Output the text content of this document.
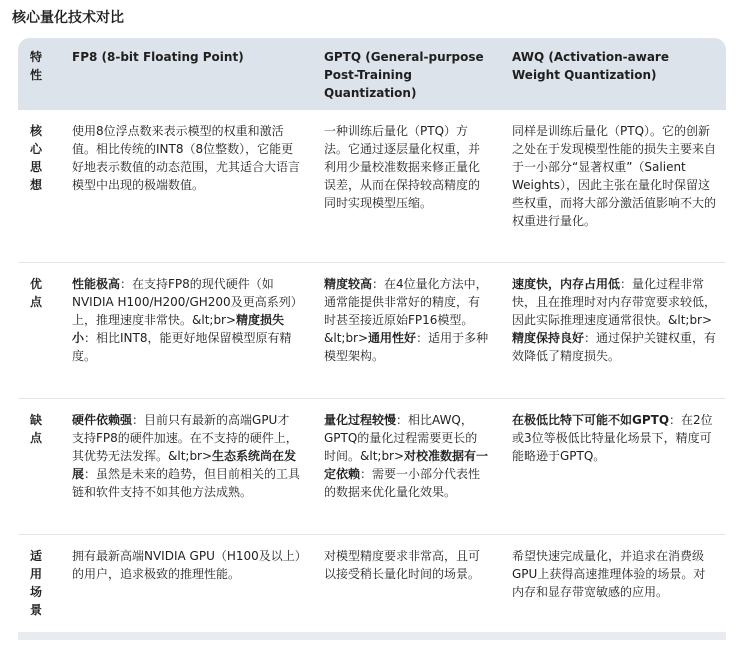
核心量化技术对比
特性	FP8 (8-bit Floating Point)	GPTQ (General-purpose Post-Training Quantization)	AWQ (Activation-aware Weight Quantization)

核心思想	使用8位浮点数来表示模型的权重和激活值。相比传统的INT8（8位整数），它能更好地表示数值的动态范围，尤其适合大语言模型中出现的极端数值。	一种训练后量化（PTQ）方法。它通过逐层量化权重，并利用少量校准数据来修正量化误差，从而在保持较高精度的同时实现模型压缩。	同样是训练后量化（PTQ）。它的创新之处在于发现模型性能的损失主要来自于一小部分“显著权重”（Salient Weights），因此主张在量化时保留这些权重，而将大部分激活值影响不大的权重进行量化。

优点	性能极高：在支持FP8的现代硬件（如NVIDIA H100/H200/GH200及更高系列）上，推理速度非常快。&lt;br>精度损失小：相比INT8，能更好地保留模型原有精度。	精度较高：在4位量化方法中，通常能提供非常好的精度，有时甚至接近原始FP16模型。&lt;br>通用性好：适用于多种模型架构。	速度快，内存占用低：量化过程非常快，且在推理时对内存带宽要求较低，因此实际推理速度通常很快。&lt;br>精度保持良好：通过保护关键权重，有效降低了精度损失。

缺点	硬件依赖强：目前只有最新的高端GPU才支持FP8的硬件加速。在不支持的硬件上，其优势无法发挥。&lt;br>生态系统尚在发展：虽然是未来的趋势，但目前相关的工具链和软件支持不如其他方法成熟。	量化过程较慢：相比AWQ，GPTQ的量化过程需要更长的时间。&lt;br>对校准数据有一定依赖：需要一小部分代表性的数据来优化量化效果。	在极低比特下可能不如GPTQ：在2位或3位等极低比特量化场景下，精度可能略逊于GPTQ。

适用场景	拥有最新高端NVIDIA GPU（H100及以上）的用户，追求极致的推理性能。	对模型精度要求非常高，且可以接受稍长量化时间的场景。	希望快速完成量化，并追求在消费级GPU上获得高速推理体验的场景。对内存和显存带宽敏感的应用。
